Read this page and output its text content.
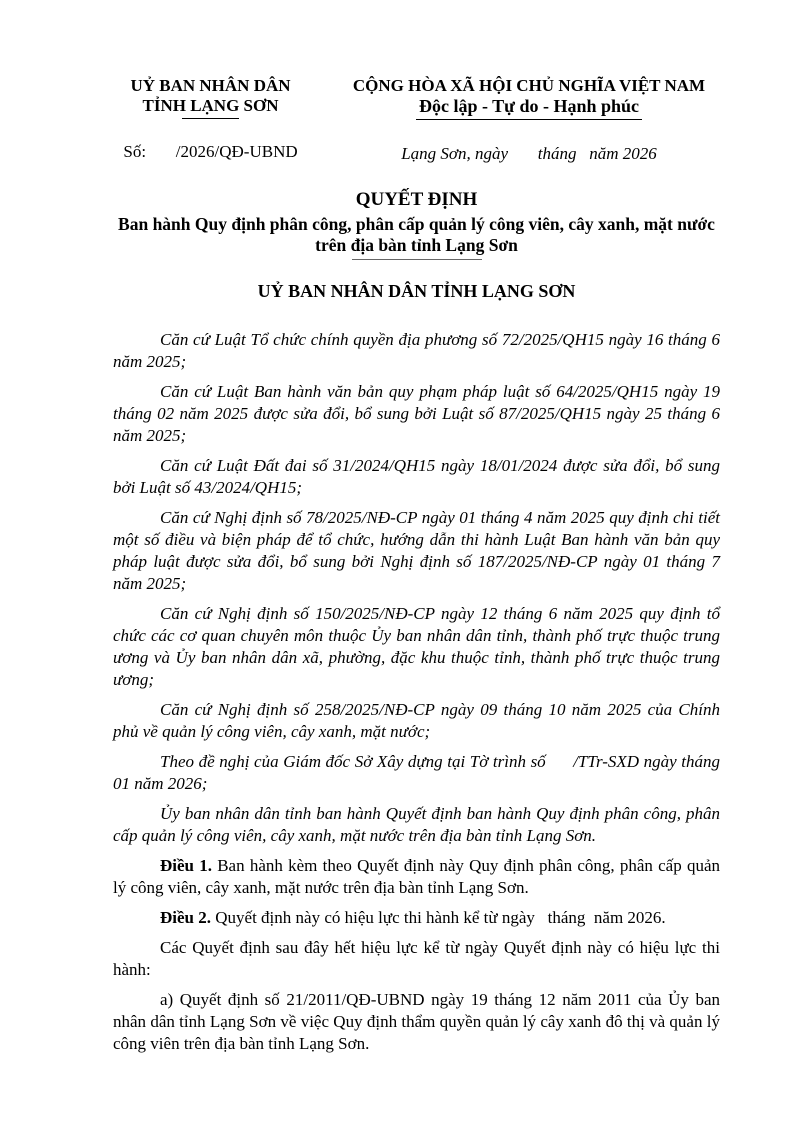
UỶ BAN NHÂN DÂN
TỈNH LẠNG SƠN
Số:       /2026/QĐ-UBND
CỘNG HÒA XÃ HỘI CHỦ NGHĨA VIỆT NAM
Độc lập - Tự do - Hạnh phúc
Lạng Sơn, ngày       tháng   năm 2026
QUYẾT ĐỊNH
Ban hành Quy định phân công, phân cấp quản lý công viên, cây xanh, mặt nước trên địa bàn tỉnh Lạng Sơn
UỶ BAN NHÂN DÂN TỈNH LẠNG SƠN

Căn cứ Luật Tổ chức chính quyền địa phương số 72/2025/QH15 ngày 16 tháng 6 năm 2025;

Căn cứ Luật Ban hành văn bản quy phạm pháp luật số 64/2025/QH15 ngày 19 tháng 02 năm 2025 được sửa đổi, bổ sung bởi Luật số 87/2025/QH15 ngày 25 tháng 6 năm 2025;

Căn cứ Luật Đất đai số 31/2024/QH15 ngày 18/01/2024 được sửa đổi, bổ sung bởi Luật số 43/2024/QH15;

Căn cứ Nghị định số 78/2025/NĐ-CP ngày 01 tháng 4 năm 2025 quy định chi tiết một số điều và biện pháp để tổ chức, hướng dẫn thi hành Luật Ban hành văn bản quy pháp luật được sửa đổi, bổ sung bởi Nghị định số 187/2025/NĐ-CP ngày 01 tháng 7 năm 2025;

Căn cứ Nghị định số 150/2025/NĐ-CP ngày 12 tháng 6 năm 2025 quy định tổ chức các cơ quan chuyên môn thuộc Ủy ban nhân dân tỉnh, thành phố trực thuộc trung ương và Ủy ban nhân dân xã, phường, đặc khu thuộc tỉnh, thành phố trực thuộc trung ương;

Căn cứ Nghị định số 258/2025/NĐ-CP ngày 09 tháng 10 năm 2025 của Chính phủ về quản lý công viên, cây xanh, mặt nước;

Theo đề nghị của Giám đốc Sở Xây dựng tại Tờ trình số      /TTr-SXD ngày tháng 01 năm 2026;

Ủy ban nhân dân tỉnh ban hành Quyết định ban hành Quy định phân công, phân cấp quản lý công viên, cây xanh, mặt nước trên địa bàn tỉnh Lạng Sơn.

Điều 1. Ban hành kèm theo Quyết định này Quy định phân công, phân cấp quản lý công viên, cây xanh, mặt nước trên địa bàn tỉnh Lạng Sơn.

Điều 2. Quyết định này có hiệu lực thi hành kể từ ngày   tháng  năm 2026.

Các Quyết định sau đây hết hiệu lực kể từ ngày Quyết định này có hiệu lực thi hành:

a) Quyết định số 21/2011/QĐ-UBND ngày 19 tháng 12 năm 2011 của Ủy ban nhân dân tỉnh Lạng Sơn về việc Quy định thẩm quyền quản lý cây xanh đô thị và quản lý công viên trên địa bàn tỉnh Lạng Sơn.
